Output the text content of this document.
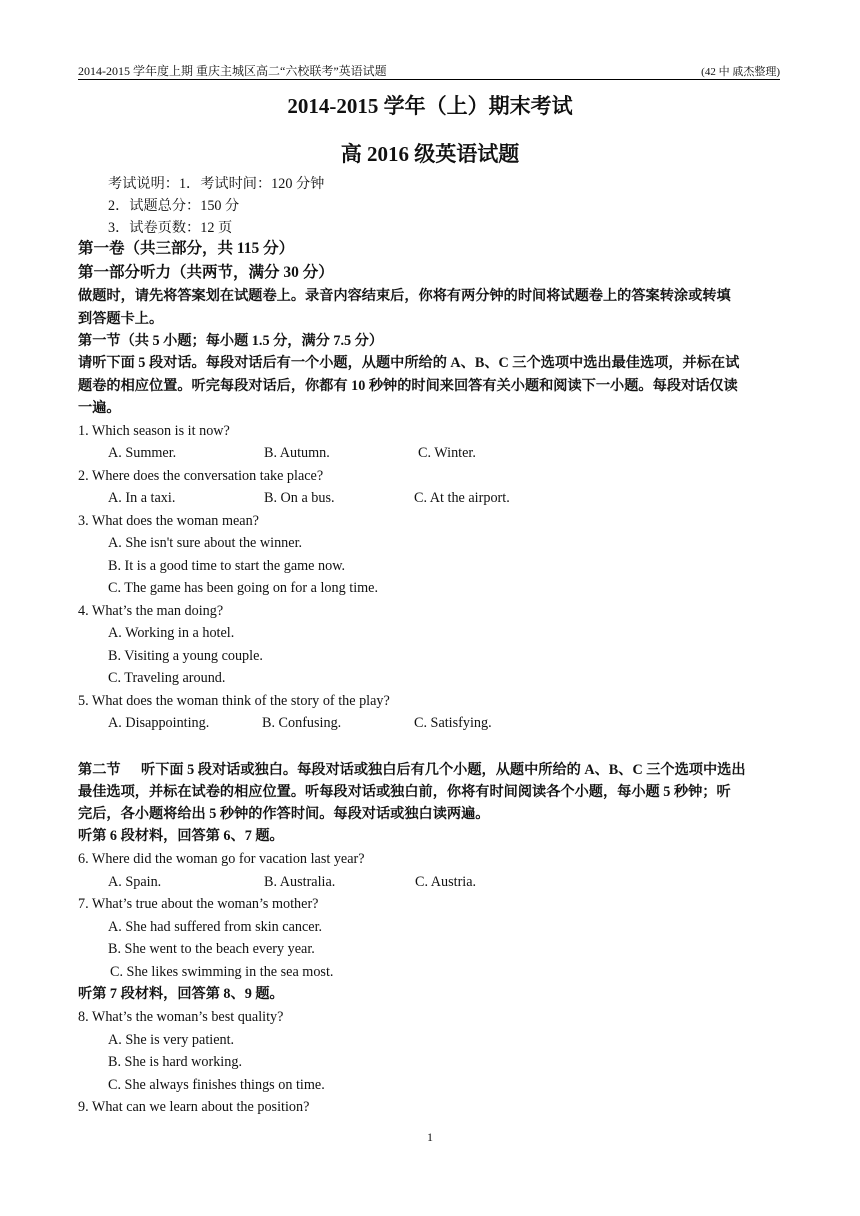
2014-2015 学年度上期 重庆主城区高二“六校联考”英语试题	(42 中 戚杰整理)
2014-2015 学年（上）期末考试
高 2016 级英语试题
考试说明：1．考试时间：120 分钟
2．试题总分：150 分
3．试卷页数：12 页
第一卷（共三部分，共 115 分）
第一部分听力（共两节，满分 30 分）
做题时，请先将答案划在试题卷上。录音内容结束后，你将有两分钟的时间将试题卷上的答案转涂或转填
到答题卡上。
第一节（共 5 小题；每小题 1.5 分，满分 7.5 分）
请听下面 5 段对话。每段对话后有一个小题，从题中所给的 A、B、C 三个选项中选出最佳选项，并标在试
题卷的相应位置。听完每段对话后，你都有 10 秒钟的时间来回答有关小题和阅读下一小题。每段对话仅读
一遍。
1. Which season is it now?
A. Summer.	B. Autumn.	C. Winter.
2. Where does the conversation take place?
A. In a taxi.	B. On a bus.	C. At the airport.
3. What does the woman mean?
A. She isn't sure about the winner.
B. It is a good time to start the game now.
C. The game has been going on for a long time.
4. What’s the man doing?
A. Working in a hotel.
B. Visiting a young couple.
C. Traveling around.
5. What does the woman think of the story of the play?
A. Disappointing.	B. Confusing.	C. Satisfying.
第二节 听下面 5 段对话或独白。每段对话或独白后有几个小题，从题中所给的 A、B、C 三个选项中选出
最佳选项，并标在试卷的相应位置。听每段对话或独白前，你将有时间阅读各个小题，每小题 5 秒钟；听
完后，各小题将给出 5 秒钟的作答时间。每段对话或独白读两遍。
听第 6 段材料，回答第 6、7 题。
6. Where did the woman go for vacation last year?
A. Spain.	B. Australia.	C. Austria.
7. What’s true about the woman’s mother?
A. She had suffered from skin cancer.
B. She went to the beach every year.
C. She likes swimming in the sea most.
听第 7 段材料，回答第 8、9 题。
8. What’s the woman’s best quality?
A. She is very patient.
B. She is hard working.
C. She always finishes things on time.
9. What can we learn about the position?
1
